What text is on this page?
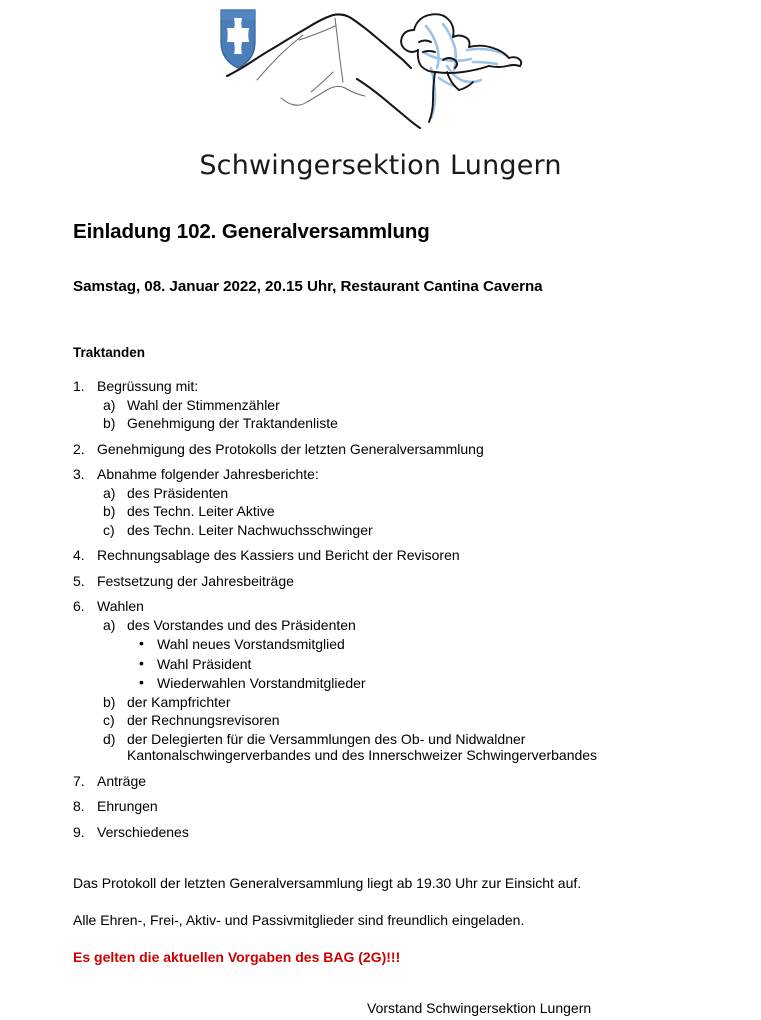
Schwingersektion Lungern
Einladung 102. Generalversammlung
Samstag, 08. Januar 2022, 20.15 Uhr, Restaurant Cantina Caverna
Traktanden
1. Begrüssung mit:
a) Wahl der Stimmenzähler
b) Genehmigung der Traktandenliste
2. Genehmigung des Protokolls der letzten Generalversammlung
3. Abnahme folgender Jahresberichte:
a) des Präsidenten
b) des Techn. Leiter Aktive
c) des Techn. Leiter Nachwuchsschwinger
4. Rechnungsablage des Kassiers und Bericht der Revisoren
5. Festsetzung der Jahresbeiträge
6. Wahlen
a) des Vorstandes und des Präsidenten
• Wahl neues Vorstandsmitglied
• Wahl Präsident
• Wiederwahlen Vorstandmitglieder
b) der Kampfrichter
c) der Rechnungsrevisoren
d) der Delegierten für die Versammlungen des Ob- und Nidwaldner Kantonalschwingerverbandes und des Innerschweizer Schwingerverbandes
7. Anträge
8. Ehrungen
9. Verschiedenes

Das Protokoll der letzten Generalversammlung liegt ab 19.30 Uhr zur Einsicht auf.

Alle Ehren-, Frei-, Aktiv- und Passivmitglieder sind freundlich eingeladen.

Es gelten die aktuellen Vorgaben des BAG (2G)!!!

Vorstand Schwingersektion Lungern
